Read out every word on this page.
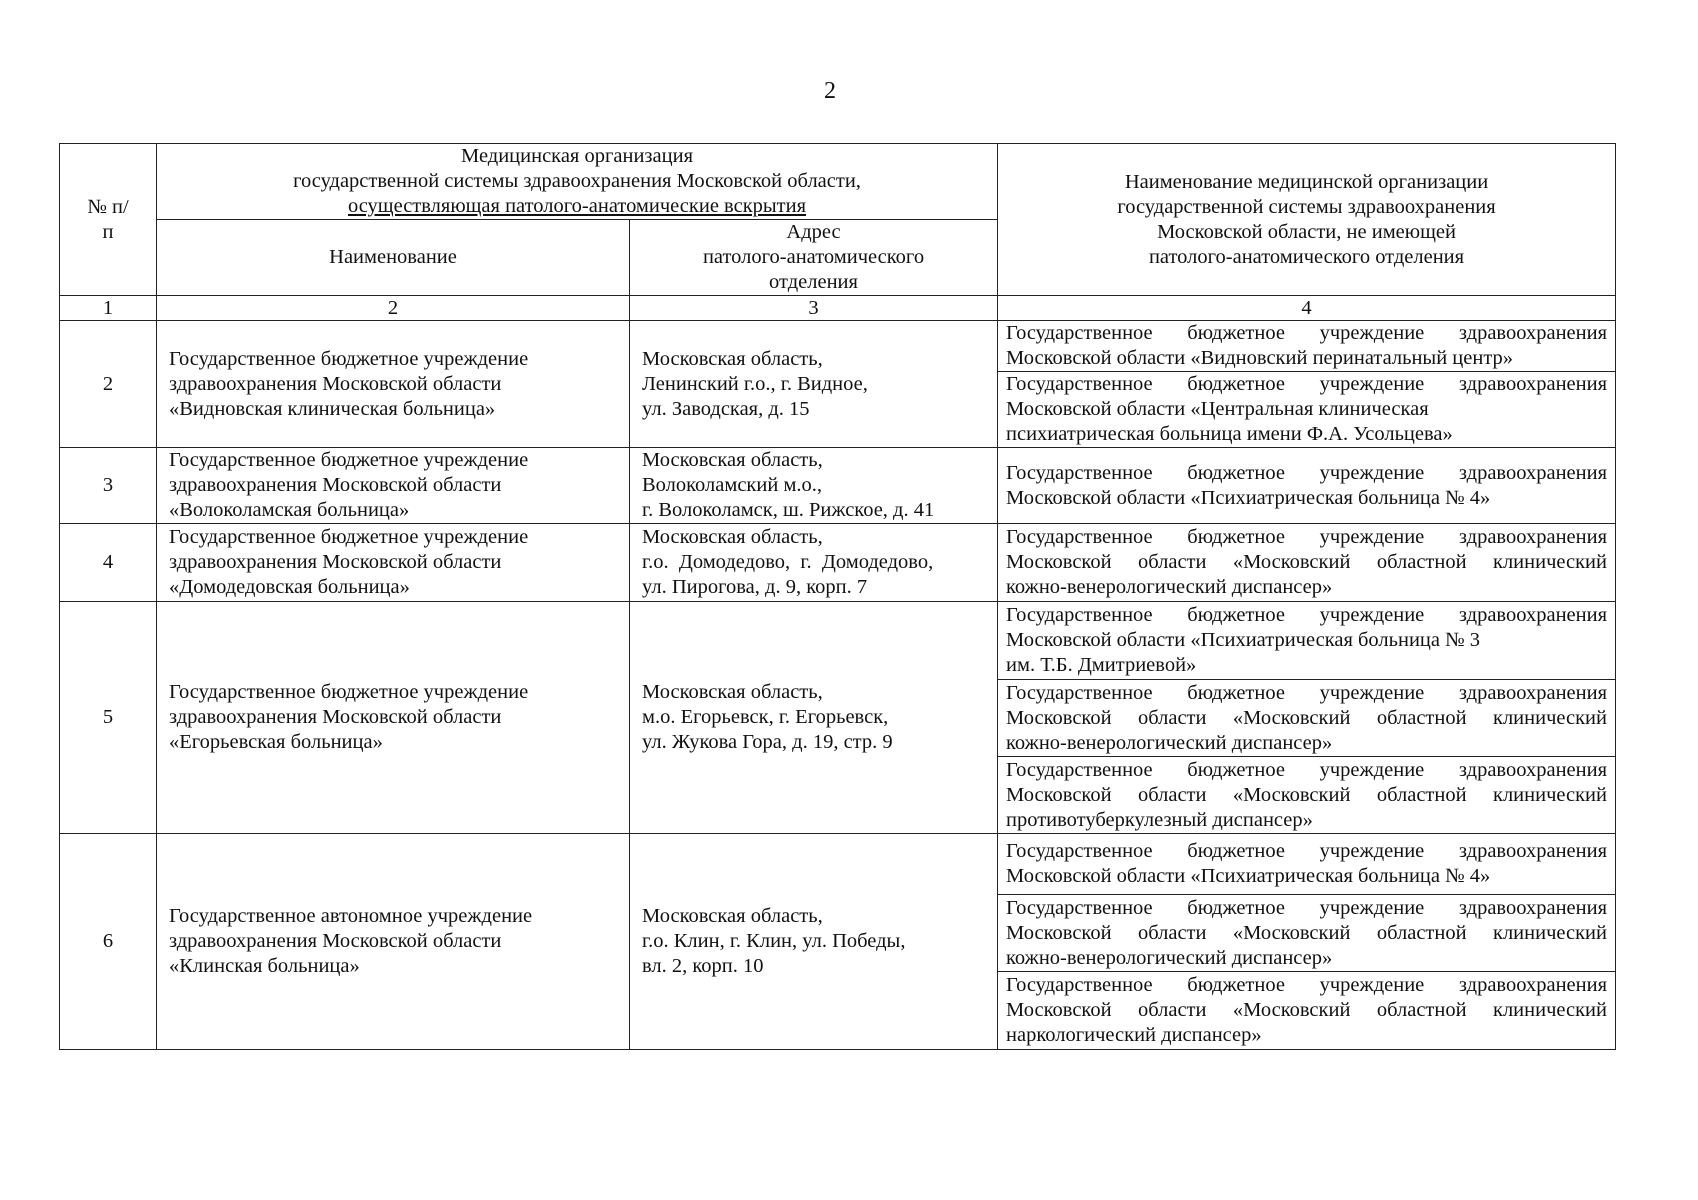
2
№ п/п	Медицинская организация
государственной системы здравоохранения Московской области,
осуществляющая патолого-анатомические вскрытия		Наименование медицинской организации
государственной системы здравоохранения
Московской области, не имеющей
патолого-анатомического отделения

	Наименование	Адрес
патолого-анатомического
отделения	

1	2	3	4
2	Государственное бюджетное учреждение
здравоохранения Московской области
«Видновская клиническая больница»	Московская область,
Ленинский г.о., г. Видное,
ул. Заводская, д. 15	Государственное бюджетное учреждение здравоохранения
Московской области «Видновский перинатальный центр»

			Государственное бюджетное учреждение здравоохранения
Московской области «Центральная клиническая
психиатрическая больница имени Ф.А. Усольцева»

3	Государственное бюджетное учреждение
здравоохранения Московской области
«Волоколамская больница»	Московская область,
Волоколамский м.о.,
г. Волоколамск, ш. Рижское, д. 41	Государственное бюджетное учреждение здравоохранения
Московской области «Психиатрическая больница № 4»

4	Государственное бюджетное учреждение
здравоохранения Московской области
«Домодедовская больница»	Московская область,
г.о.  Домодедово,  г.  Домодедово,
ул. Пирогова, д. 9, корп. 7	Государственное бюджетное учреждение здравоохранения
Московской области «Московский областной клинический
кожно-венерологический диспансер»

5	Государственное бюджетное учреждение
здравоохранения Московской области
«Егорьевская больница»	Московская область,
м.о. Егорьевск, г. Егорьевск,
ул. Жукова Гора, д. 19, стр. 9	Государственное бюджетное учреждение здравоохранения
Московской области «Психиатрическая больница № 3
им. Т.Б. Дмитриевой»

			Государственное бюджетное учреждение здравоохранения
Московской области «Московский областной клинический
кожно-венерологический диспансер»

			Государственное бюджетное учреждение здравоохранения
Московской области «Московский областной клинический
противотуберкулезный диспансер»

6	Государственное автономное учреждение
здравоохранения Московской области
«Клинская больница»	Московская область,
г.о. Клин, г. Клин, ул. Победы,
вл. 2, корп. 10	Государственное бюджетное учреждение здравоохранения
Московской области «Психиатрическая больница № 4»

			Государственное бюджетное учреждение здравоохранения
Московской области «Московский областной клинический
кожно-венерологический диспансер»

			Государственное бюджетное учреждение здравоохранения
Московской области «Московский областной клинический
наркологический диспансер»
